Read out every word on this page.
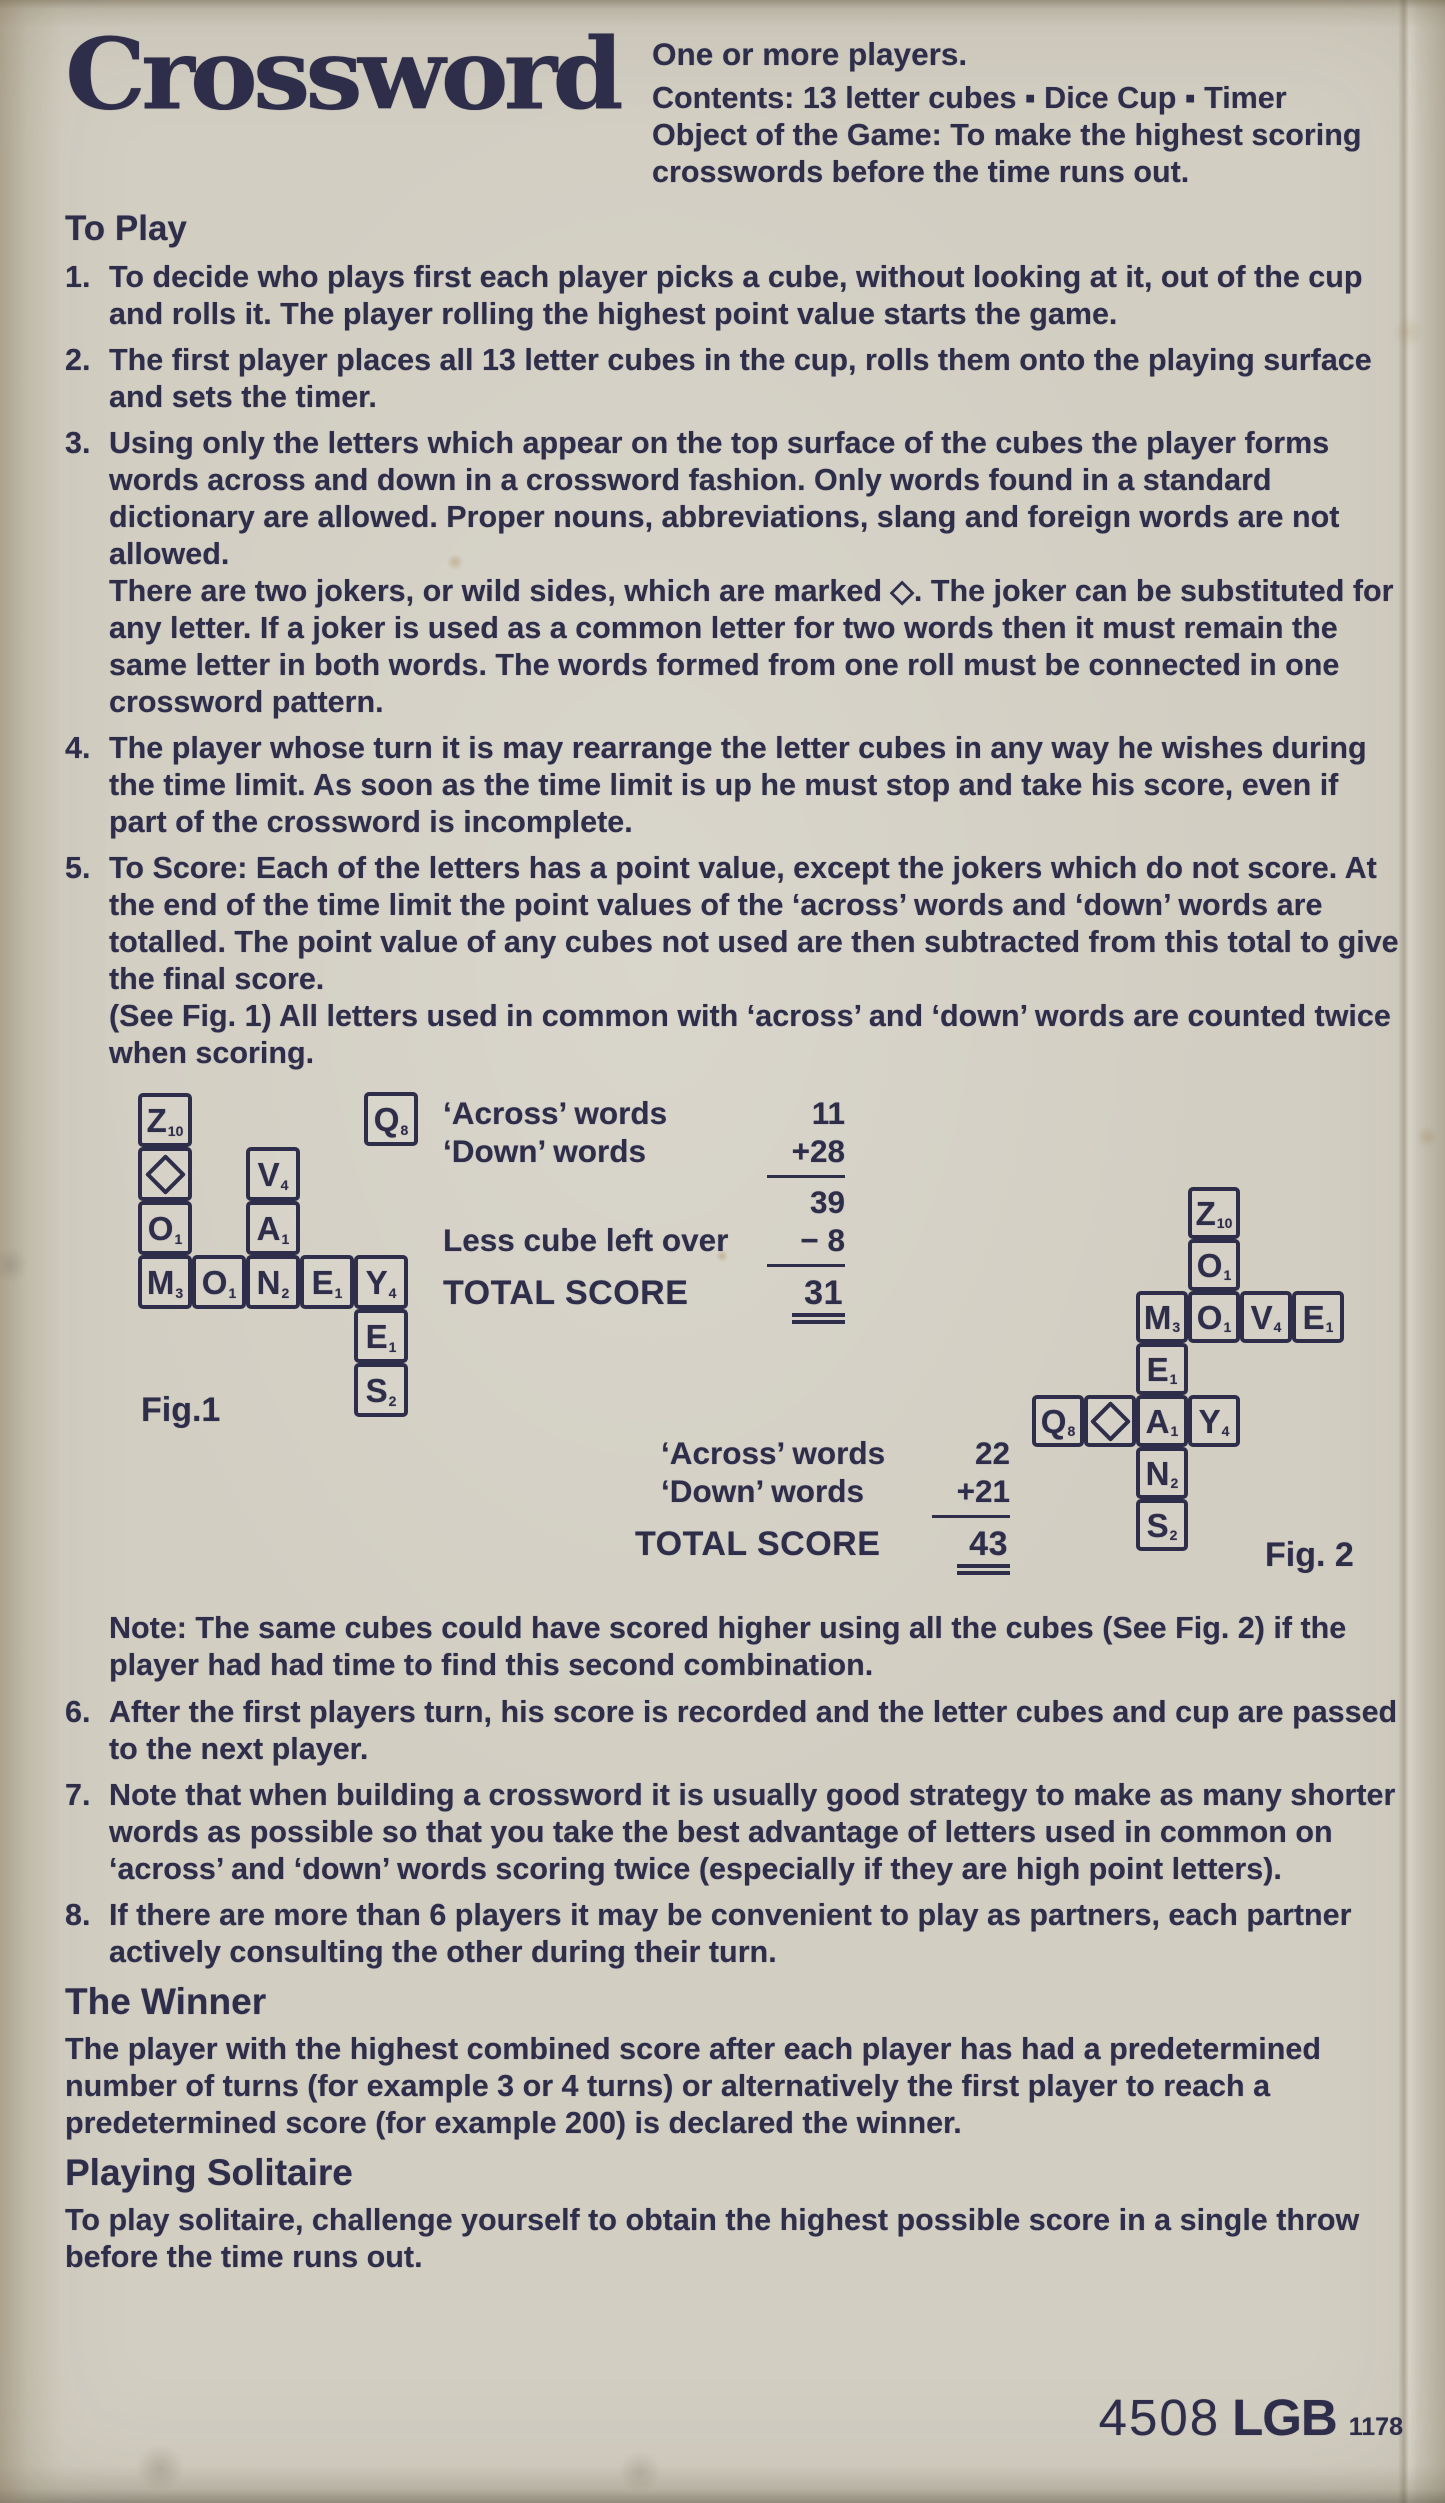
Crossword One or more players.
Contents: 13 letter cubes ▪ Dice Cup ▪ Timer
Object of the Game: To make the highest scoring crosswords before the time runs out.
To Play
1. To decide who plays first each player picks a cube, without looking at it, out of the cup and rolls it. The player rolling the highest point value starts the game.
2. The first player places all 13 letter cubes in the cup, rolls them onto the playing surface and sets the timer.
3. Using only the letters which appear on the top surface of the cubes the player forms words across and down in a crossword fashion. Only words found in a standard dictionary are allowed. Proper nouns, abbreviations, slang and foreign words are not allowed.
There are two jokers, or wild sides, which are marked ◇. The joker can be substituted for any letter. If a joker is used as a common letter for two words then it must remain the same letter in both words. The words formed from one roll must be connected in one crossword pattern.
4. The player whose turn it is may rearrange the letter cubes in any way he wishes during the time limit. As soon as the time limit is up he must stop and take his score, even if part of the crossword is incomplete.
5. To Score: Each of the letters has a point value, except the jokers which do not score. At the end of the time limit the point values of the ‘across’ words and ‘down’ words are totalled. The point value of any cubes not used are then subtracted from this total to give the final score.
(See Fig. 1) All letters used in common with ‘across’ and ‘down’ words are counted twice when scoring.
Z 10
O 1
M 3 O 1 N 2 E 1 Y 4
V 4
A 1
E 1
S 2
Q 8
Fig.1
‘Across’ words	11
‘Down’ words	+28
39
Less cube left over	− 8
TOTAL SCORE	31
‘Across’ words	22
‘Down’ words	+21
TOTAL SCORE	43
Z 10
O 1
M 3 O 1 V 4 E 1
E 1
Q 8 A 1 Y 4
N 2
S 2
Fig. 2

Note: The same cubes could have scored higher using all the cubes (See Fig. 2) if the player had had time to find this second combination.

6. After the first players turn, his score is recorded and the letter cubes and cup are passed to the next player.
7. Note that when building a crossword it is usually good strategy to make as many shorter words as possible so that you take the best advantage of letters used in common on ‘across’ and ‘down’ words scoring twice (especially if they are high point letters).
8. If there are more than 6 players it may be convenient to play as partners, each partner actively consulting the other during their turn.
The Winner

The player with the highest combined score after each player has had a predetermined number of turns (for example 3 or 4 turns) or alternatively the first player to reach a predetermined score (for example 200) is declared the winner.

Playing Solitaire

To play solitaire, challenge yourself to obtain the highest possible score in a single throw before the time runs out.

4508 LGB 1178
